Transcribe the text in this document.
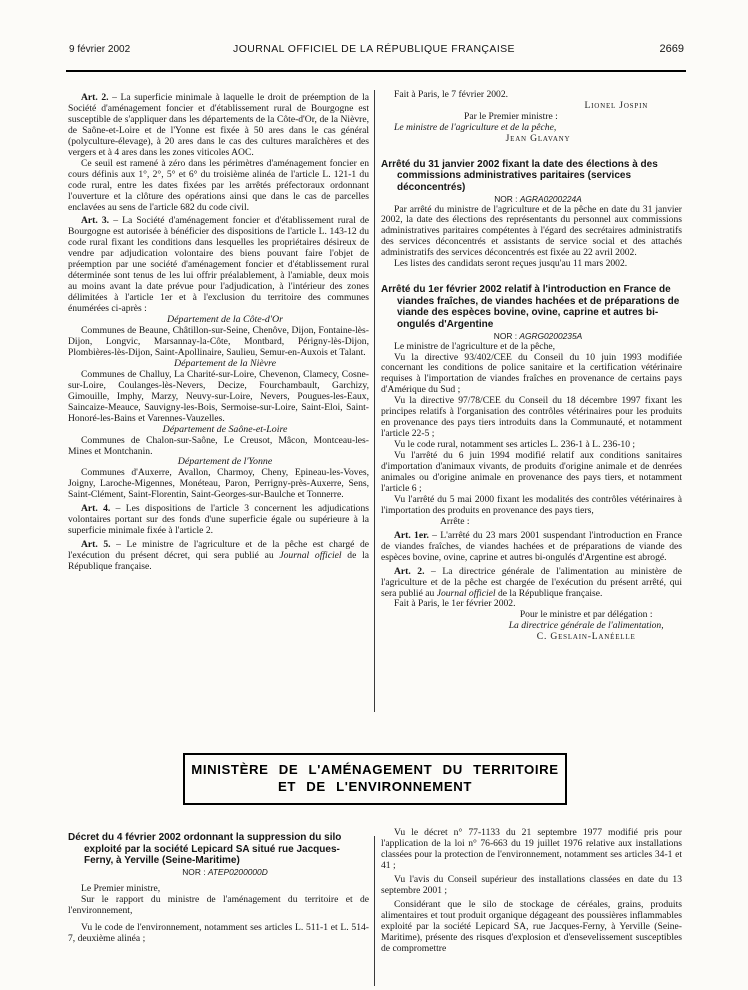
9 février 2002	JOURNAL OFFICIEL DE LA RÉPUBLIQUE FRANÇAISE	2669

Art. 2. – La superficie minimale à laquelle le droit de préemption de la Société d'aménagement foncier et d'établissement rural de Bourgogne est susceptible de s'appliquer dans les départements de la Côte-d'Or, de la Nièvre, de Saône-et-Loire et de l'Yonne est fixée à 50 ares dans le cas général (polyculture-élevage), à 20 ares dans le cas des cultures maraîchères et des vergers et à 4 ares dans les zones viticoles AOC.

Ce seuil est ramené à zéro dans les périmètres d'aménagement foncier en cours définis aux 1°, 2°, 5° et 6° du troisième alinéa de l'article L. 121-1 du code rural, entre les dates fixées par les arrêtés préfectoraux ordonnant l'ouverture et la clôture des opérations ainsi que dans le cas de parcelles enclavées au sens de l'article 682 du code civil.

Art. 3. – La Société d'aménagement foncier et d'établissement rural de Bourgogne est autorisée à bénéficier des dispositions de l'article L. 143-12 du code rural fixant les conditions dans lesquelles les propriétaires désireux de vendre par adjudication volontaire des biens pouvant faire l'objet de préemption par une société d'aménagement foncier et d'établissement rural déterminée sont tenus de les lui offrir préalablement, à l'amiable, deux mois au moins avant la date prévue pour l'adjudication, à l'intérieur des zones délimitées à l'article 1er et à l'exclusion du territoire des communes énumérées ci-après :

Département de la Côte-d'Or

Communes de Beaune, Châtillon-sur-Seine, Chenôve, Dijon, Fontaine-lès-Dijon, Longvic, Marsannay-la-Côte, Montbard, Périgny-lès-Dijon, Plombières-lès-Dijon, Saint-Apollinaire, Saulieu, Semur-en-Auxois et Talant.

Département de la Nièvre

Communes de Challuy, La Charité-sur-Loire, Chevenon, Clamecy, Cosne-sur-Loire, Coulanges-lès-Nevers, Decize, Fourchambault, Garchizy, Gimouille, Imphy, Marzy, Neuvy-sur-Loire, Nevers, Pougues-les-Eaux, Saincaize-Meauce, Sauvigny-les-Bois, Sermoise-sur-Loire, Saint-Eloi, Saint-Honoré-les-Bains et Varennes-Vauzelles.

Département de Saône-et-Loire

Communes de Chalon-sur-Saône, Le Creusot, Mâcon, Montceau-les-Mines et Montchanin.

Département de l'Yonne

Communes d'Auxerre, Avallon, Charmoy, Cheny, Epineau-les-Voves, Joigny, Laroche-Migennes, Monéteau, Paron, Perrigny-près-Auxerre, Sens, Saint-Clément, Saint-Florentin, Saint-Georges-sur-Baulche et Tonnerre.

Art. 4. – Les dispositions de l'article 3 concernent les adjudications volontaires portant sur des fonds d'une superficie égale ou supérieure à la superficie minimale fixée à l'article 2.

Art. 5. – Le ministre de l'agriculture et de la pêche est chargé de l'exécution du présent décret, qui sera publié au Journal officiel de la République française.

Fait à Paris, le 7 février 2002.

Lionel Jospin

Par le Premier ministre :

Le ministre de l'agriculture et de la pêche,

Jean Glavany

Arrêté du 31 janvier 2002 fixant la date des élections à des commissions administratives paritaires (services déconcentrés)

NOR : AGRA0200224A

Par arrêté du ministre de l'agriculture et de la pêche en date du 31 janvier 2002, la date des élections des représentants du personnel aux commissions administratives paritaires compétentes à l'égard des secrétaires administratifs des services déconcentrés et assistants de service social et des attachés administratifs des services déconcentrés est fixée au 22 avril 2002.

Les listes des candidats seront reçues jusqu'au 11 mars 2002.

Arrêté du 1er février 2002 relatif à l'introduction en France de viandes fraîches, de viandes hachées et de préparations de viande des espèces bovine, ovine, caprine et autres bi-ongulés d'Argentine

NOR : AGRG0200235A

Le ministre de l'agriculture et de la pêche,

Vu la directive 93/402/CEE du Conseil du 10 juin 1993 modifiée concernant les conditions de police sanitaire et la certification vétérinaire requises à l'importation de viandes fraîches en provenance de certains pays d'Amérique du Sud ;

Vu la directive 97/78/CEE du Conseil du 18 décembre 1997 fixant les principes relatifs à l'organisation des contrôles vétérinaires pour les produits en provenance des pays tiers introduits dans la Communauté, et notamment l'article 22-5 ;

Vu le code rural, notamment ses articles L. 236-1 à L. 236-10 ;

Vu l'arrêté du 6 juin 1994 modifié relatif aux conditions sanitaires d'importation d'animaux vivants, de produits d'origine animale et de denrées animales ou d'origine animale en provenance des pays tiers, et notamment l'article 6 ;

Vu l'arrêté du 5 mai 2000 fixant les modalités des contrôles vétérinaires à l'importation des produits en provenance des pays tiers,

Arrête :

Art. 1er. – L'arrêté du 23 mars 2001 suspendant l'introduction en France de viandes fraîches, de viandes hachées et de préparations de viande des espèces bovine, ovine, caprine et autres bi-ongulés d'Argentine est abrogé.

Art. 2. – La directrice générale de l'alimentation au ministère de l'agriculture et de la pêche est chargée de l'exécution du présent arrêté, qui sera publié au Journal officiel de la République française.

Fait à Paris, le 1er février 2002.

Pour le ministre et par délégation :

La directrice générale de l'alimentation,

C. Geslain-Lanéelle

MINISTÈRE DE L'AMÉNAGEMENT DU TERRITOIRE
ET DE L'ENVIRONNEMENT
Décret du 4 février 2002 ordonnant la suppression du silo exploité par la société Lepicard SA situé rue Jacques-Ferny, à Yerville (Seine-Maritime)

NOR : ATEP0200000D

Le Premier ministre,

Sur le rapport du ministre de l'aménagement du territoire et de l'environnement,

Vu le code de l'environnement, notamment ses articles L. 511-1 et L. 514-7, deuxième alinéa ;

Vu le décret n° 77-1133 du 21 septembre 1977 modifié pris pour l'application de la loi n° 76-663 du 19 juillet 1976 relative aux installations classées pour la protection de l'environnement, notamment ses articles 34-1 et 41 ;

Vu l'avis du Conseil supérieur des installations classées en date du 13 septembre 2001 ;

Considérant que le silo de stockage de céréales, grains, produits alimentaires et tout produit organique dégageant des poussières inflammables exploité par la société Lepicard SA, rue Jacques-Ferny, à Yerville (Seine-Maritime), présente des risques d'explosion et d'ensevelissement susceptibles de compromettre
